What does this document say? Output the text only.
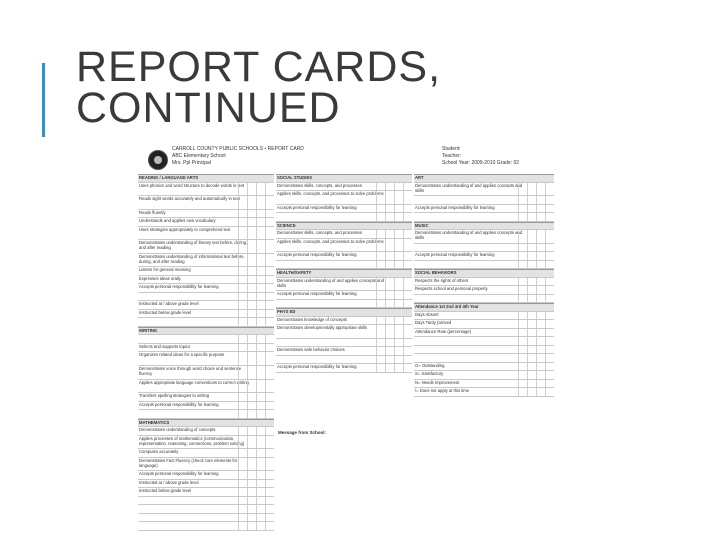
REPORT CARDS,
CONTINUED
CARROLL COUNTY PUBLIC SCHOOLS • REPORT CARD
ABC Elementary School
Mrs. Ppl Principal
Student:
Teacher:
School Year: 2009-2010 Grade: 02
READING / LANGUAGE ARTS
Uses phonics and word structure to decode words in text
Reads sight words accurately and automatically in text
Reads fluently
Understands and applies new vocabulary
Uses strategies appropriately to comprehend text
Demonstrates understanding of literary text before, during, and after reading
Demonstrates understanding of informational text before, during, and after reading
Listens for general meaning
Expresses ideas orally
Accepts personal responsibility for learning
Instructed at / above grade level
Instructed below grade level
WRITING
Selects and supports topics
Organizes related ideas for a specific purpose
Demonstrates voice through word choice and sentence fluency
Applies appropriate language conventions to correct writing
Transfers spelling strategies to writing
Accepts personal responsibility for learning
MATHEMATICS
Demonstrates understanding of concepts
Applies processes of mathematics (communication, representation, reasoning, connections, problem solving)
Computes accurately
Demonstrates Fact Fluency (check core elements for language)
Accepts personal responsibility for learning
Instructed at / above grade level
Instructed below grade level
SOCIAL STUDIES
Demonstrates skills, concepts, and processes
Applies skills, concepts, and processes to solve problems
Accepts personal responsibility for learning
SCIENCE
Demonstrates skills, concepts, and processes
Applies skills, concepts, and processes to solve problems
Accepts personal responsibility for learning
HEALTH/SAFETY
Demonstrates understanding of and applies concepts and skills
Accepts personal responsibility for learning
PHYS ED
Demonstrates knowledge of concepts
Demonstrates developmentally appropriate skills
Demonstrates safe behavior choices
Accepts personal responsibility for learning
ART
Demonstrates understanding of and applies concepts and skills
Accepts personal responsibility for learning
MUSIC
Demonstrates understanding of and applies concepts and skills
Accepts personal responsibility for learning
SOCIAL BEHAVIORS
Respects the rights of others
Respects school and personal property
Attendance 1st 2nd 3rd 4th Year
Days Absent
Days Tardy (arrived
Attendance Rate (percentage)
O= Outstanding
S= Satisfactory
N= Needs Improvement
/= Does not apply at this time
Message from School:
